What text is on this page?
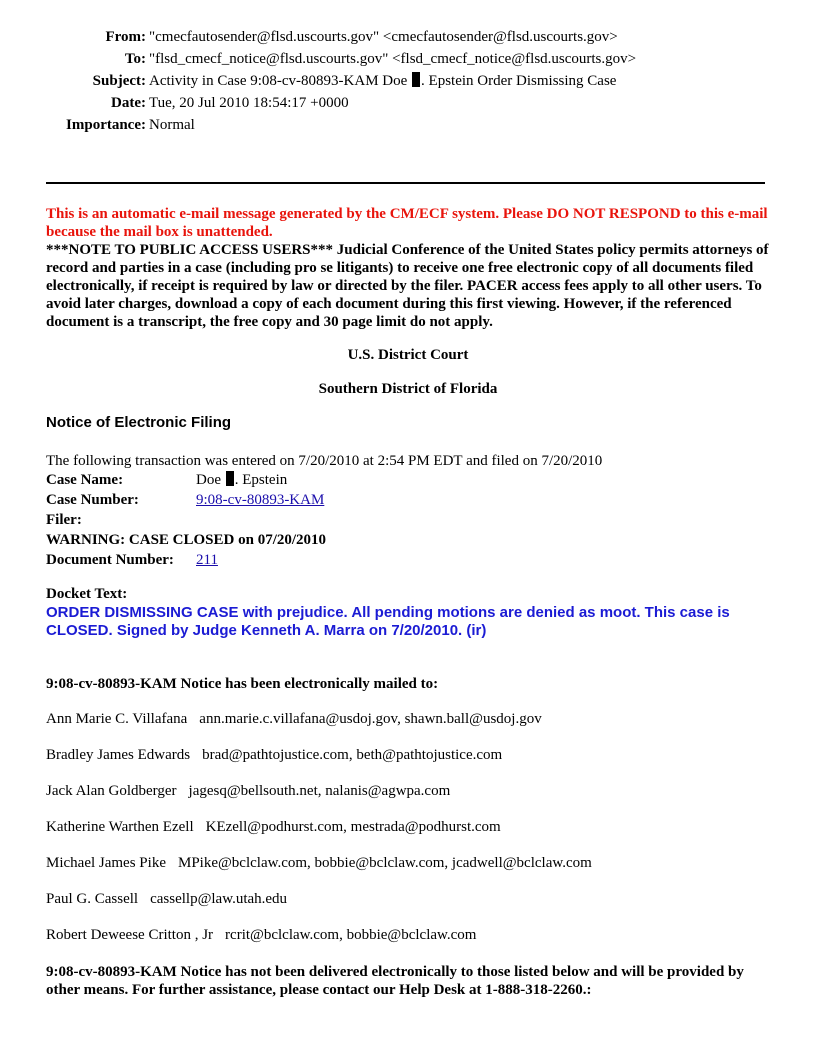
From: "cmecfautosender@flsd.uscourts.gov" <cmecfautosender@flsd.uscourts.gov>
To: "flsd_cmecf_notice@flsd.uscourts.gov" <flsd_cmecf_notice@flsd.uscourts.gov>
Subject: Activity in Case 9:08-cv-80893-KAM Doe . Epstein Order Dismissing Case
Date: Tue, 20 Jul 2010 18:54:17 +0000
Importance: Normal
This is an automatic e-mail message generated by the CM/ECF system. Please DO NOT RESPOND to this e-mail because the mail box is unattended.
***NOTE TO PUBLIC ACCESS USERS*** Judicial Conference of the United States policy permits attorneys of record and parties in a case (including pro se litigants) to receive one free electronic copy of all documents filed electronically, if receipt is required by law or directed by the filer. PACER access fees apply to all other users. To avoid later charges, download a copy of each document during this first viewing. However, if the referenced document is a transcript, the free copy and 30 page limit do not apply.
U.S. District Court
Southern District of Florida
Notice of Electronic Filing
The following transaction was entered on 7/20/2010 at 2:54 PM EDT and filed on 7/20/2010
Case Name:	Doe . Epstein
Case Number:	9:08-cv-80893-KAM
Filer:
WARNING: CASE CLOSED on 07/20/2010
Document Number:	211
Docket Text:
ORDER DISMISSING CASE with prejudice. All pending motions are denied as moot. This case is CLOSED. Signed by Judge Kenneth A. Marra on 7/20/2010. (ir)
9:08-cv-80893-KAM Notice has been electronically mailed to:
Ann Marie C. Villafana ann.marie.c.villafana@usdoj.gov, shawn.ball@usdoj.gov
Bradley James Edwards brad@pathtojustice.com, beth@pathtojustice.com
Jack Alan Goldberger jagesq@bellsouth.net, nalanis@agwpa.com
Katherine Warthen Ezell KEzell@podhurst.com, mestrada@podhurst.com
Michael James Pike MPike@bclclaw.com, bobbie@bclclaw.com, jcadwell@bclclaw.com
Paul G. Cassell cassellp@law.utah.edu
Robert Deweese Critton , Jr rcrit@bclclaw.com, bobbie@bclclaw.com
9:08-cv-80893-KAM Notice has not been delivered electronically to those listed below and will be provided by other means. For further assistance, please contact our Help Desk at 1-888-318-2260.:
